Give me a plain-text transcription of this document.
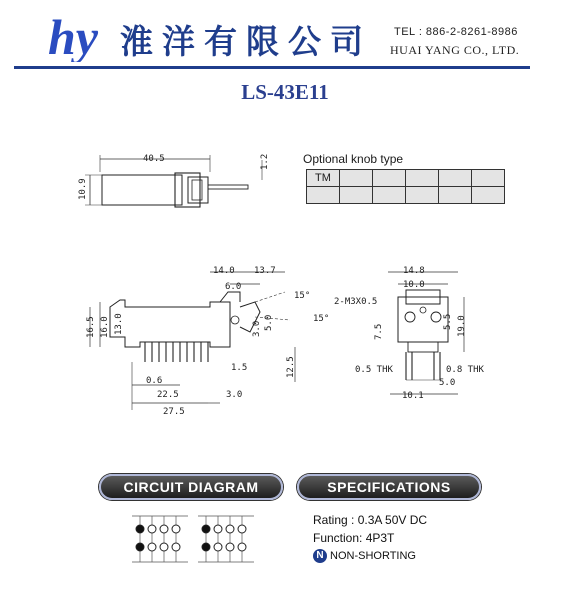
hy 淮洋有限公司 TEL : 886-2-8261-8986
HUAI YANG CO., LTD.
LS-43E11
40.5
10.9
1.2	Optional knob type
TM					

14.0 13.7
6.0
15°
15°
16.5 16.0 13.0	3.0 5.0
12.5
1.5
0.6
22.5	3.0
27.5
14.8
10.0
2-M3X0.5
7.5
5.5 19.0
0.5 THK	0.8 THK
5.0
10.1
CIRCUIT DIAGRAM	SPECIFICATIONS
Rating : 0.3A 50V DC
Function: 4P3T
N NON-SHORTING
